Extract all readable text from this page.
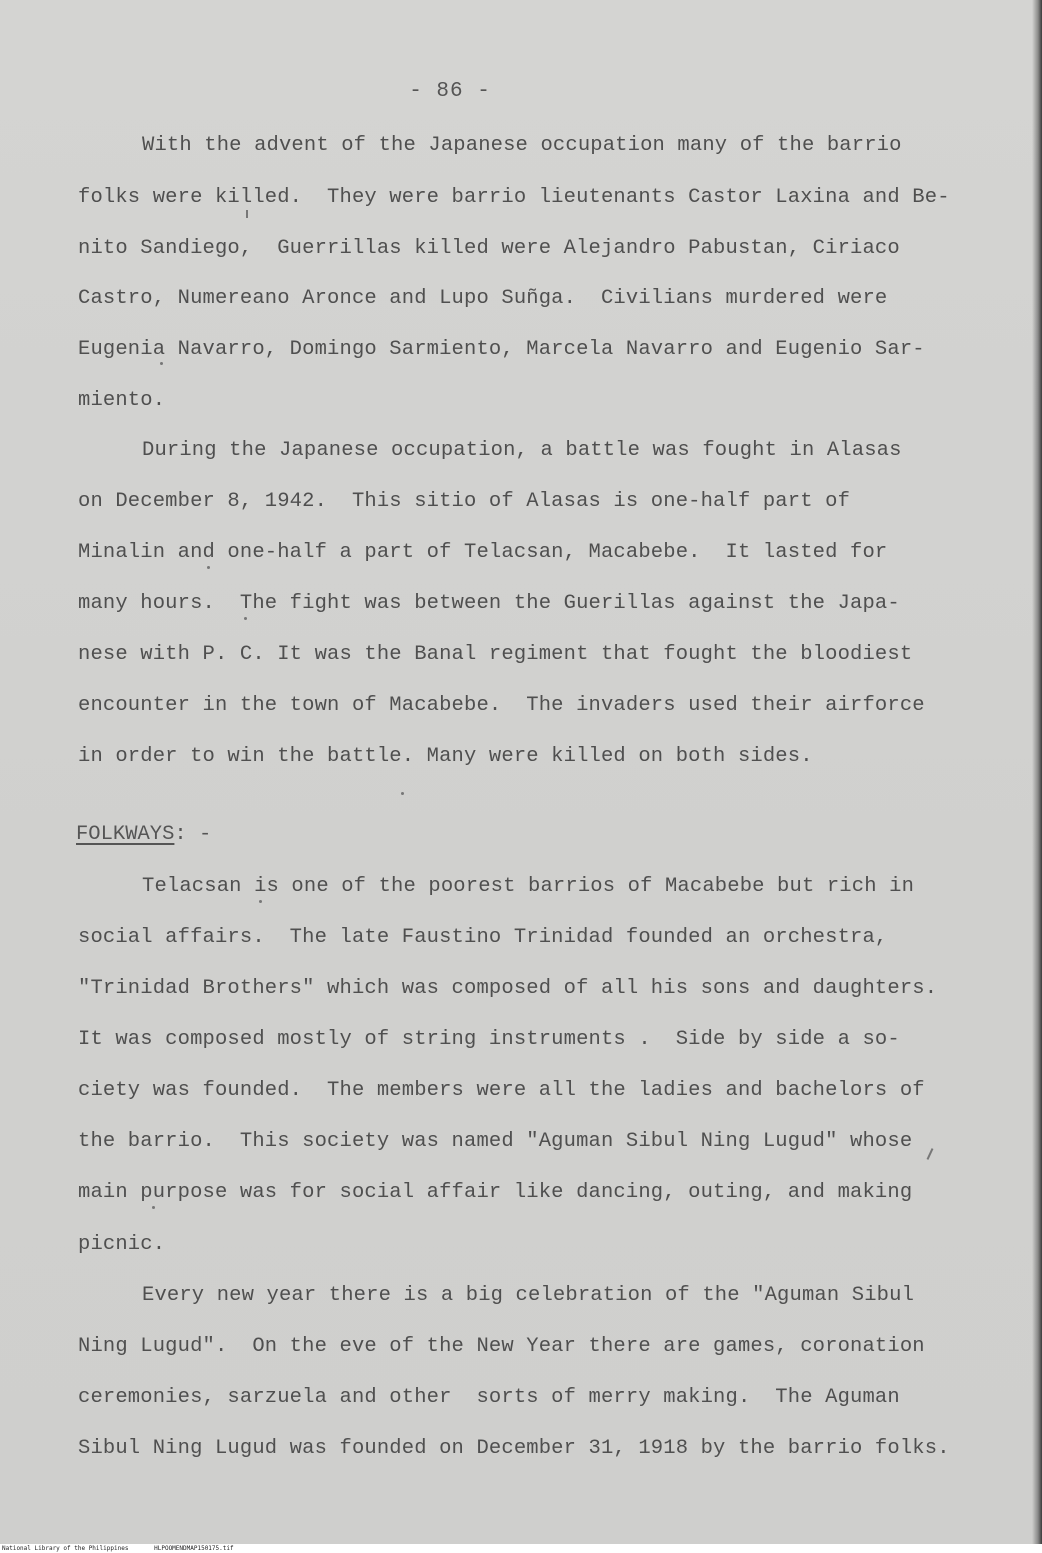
- 86 -
With the advent of the Japanese occupation many of the barrio
folks were killed.  They were barrio lieutenants Castor Laxina and Be-
nito Sandiego,  Guerrillas killed were Alejandro Pabustan, Ciriaco
Castro, Numereano Aronce and Lupo Suñga.  Civilians murdered were
Eugenia Navarro, Domingo Sarmiento, Marcela Navarro and Eugenio Sar-
miento.
During the Japanese occupation, a battle was fought in Alasas
on December 8, 1942.  This sitio of Alasas is one-half part of
Minalin and one-half a part of Telacsan, Macabebe.  It lasted for
many hours.  The fight was between the Guerillas against the Japa-
nese with P. C. It was the Banal regiment that fought the bloodiest
encounter in the town of Macabebe.  The invaders used their airforce
in order to win the battle. Many were killed on both sides.
FOLKWAYS: -
Telacsan is one of the poorest barrios of Macabebe but rich in
social affairs.  The late Faustino Trinidad founded an orchestra,
"Trinidad Brothers" which was composed of all his sons and daughters.
It was composed mostly of string instruments .  Side by side a so-
ciety was founded.  The members were all the ladies and bachelors of
the barrio.  This society was named "Aguman Sibul Ning Lugud" whose
main purpose was for social affair like dancing, outing, and making
picnic.
Every new year there is a big celebration of the "Aguman Sibul
Ning Lugud".  On the eve of the New Year there are games, coronation
ceremonies, sarzuela and other  sorts of merry making.  The Aguman
Sibul Ning Lugud was founded on December 31, 1918 by the barrio folks.
National Library of the Philippines	HLPOOMENDMAP150175.tif
